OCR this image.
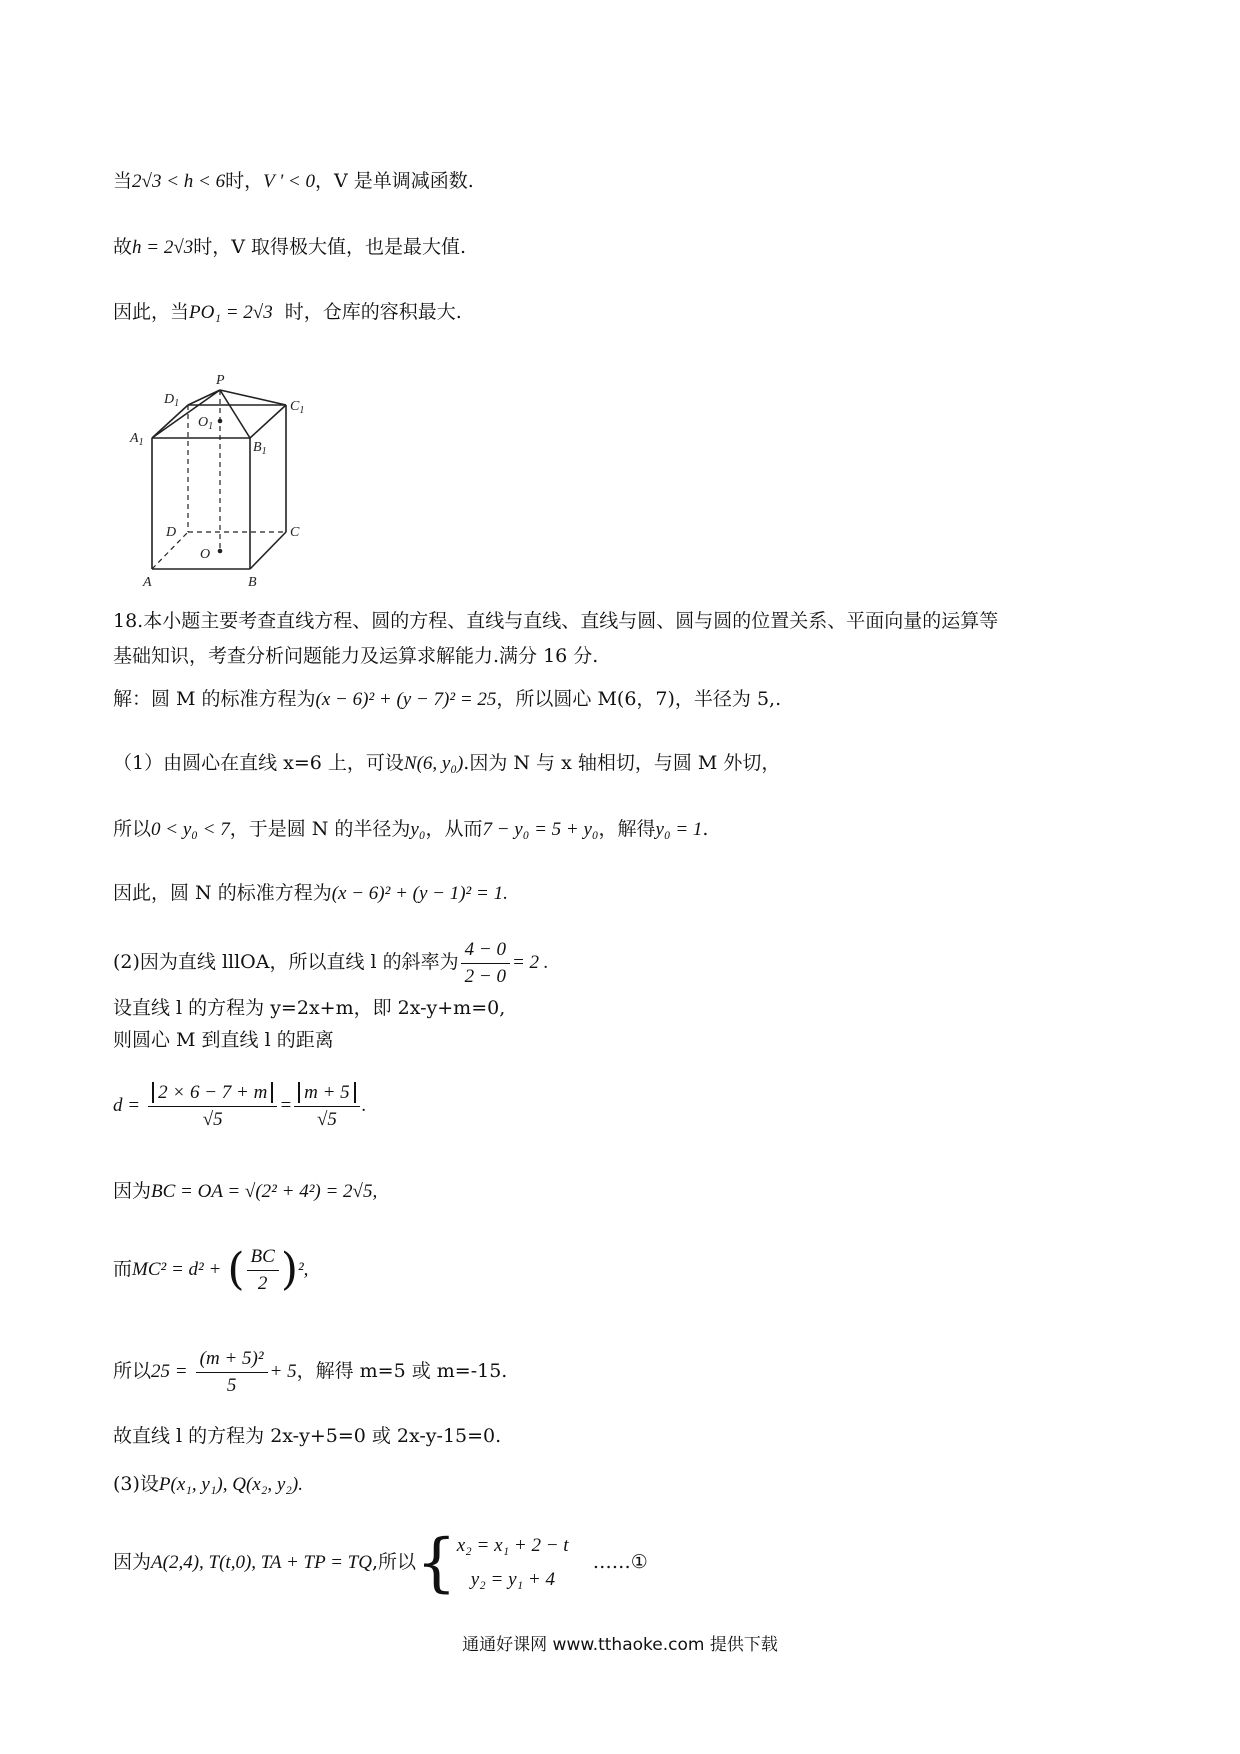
当2√3 < h < 6时，V ' < 0，V 是单调减函数.
故h = 2√3时，V 取得极大值，也是最大值.
因此，当PO₁ = 2√3 时，仓库的容积最大.
P
$D_1$	$C_1$
$O_1$
$A_1$	$B_1$
D	C
O
A	B
18.本小题主要考查直线方程、圆的方程、直线与直线、直线与圆、圆与圆的位置关系、平面向量的运算等
基础知识，考查分析问题能力及运算求解能力.满分 16 分.
解：圆 M 的标准方程为(x − 6)² + (y − 7)² = 25，所以圆心 M(6，7)，半径为 5,.
（1）由圆心在直线 x=6 上，可设N(6, y₀).因为 N 与 x 轴相切，与圆 M 外切，
所以0 < y₀ < 7，于是圆 N 的半径为y₀，从而7 − y₀ = 5 + y₀，解得y₀ = 1.
因此，圆 N 的标准方程为(x − 6)² + (y − 1)² = 1.
(2)因为直线 lllOA，所以直线 l 的斜率为 $\frac{4 - 0}{2 - 0} = 2$ .
设直线 l 的方程为 y=2x+m，即 2x-y+m=0,
则圆心 M 到直线 l 的距离
$d = \frac{2 \times 6 - 7 + m}{√5} = \frac{m + 5}{√5}$ .
因为BC = OA = √(2² + 4²) = 2√5,
而MC² = d² + ( $\frac{BC}{2} )^2$,
所以$25 = \frac{\text{(m + 5)²}}{5} + 5$，解得 m=5 或 m=-15.
故直线 l 的方程为 2x-y+5=0 或 2x-y-15=0.
(3)设P(x₁, y₁), Q(x₂, y₂).
因为A(2,4), T(t,0), TA + TP = TQ,所以{ x₂ = x₁ + 2 − t
y₂ = y₁ + 4
……①
通通好课网 www.tthaoke.com 提供下载
